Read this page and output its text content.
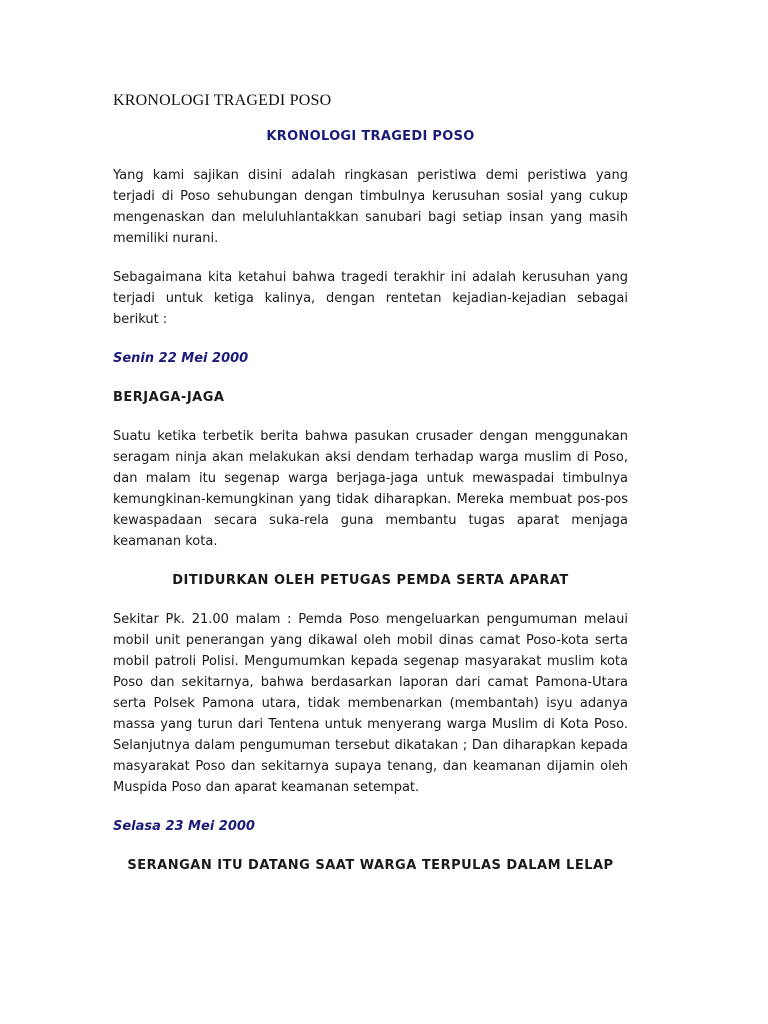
KRONOLOGI TRAGEDI POSO

KRONOLOGI TRAGEDI POSO

Yang kami sajikan disini adalah ringkasan peristiwa demi peristiwa yang terjadi di Poso sehubungan dengan timbulnya kerusuhan sosial yang cukup mengenaskan dan meluluhlantakkan sanubari bagi setiap insan yang masih memiliki nurani.

Sebagaimana kita ketahui bahwa tragedi terakhir ini adalah kerusuhan yang terjadi untuk ketiga kalinya, dengan rentetan kejadian-kejadian sebagai berikut :

Senin 22 Mei 2000

BERJAGA-JAGA

Suatu ketika terbetik berita bahwa pasukan crusader dengan menggunakan seragam ninja akan melakukan aksi dendam terhadap warga muslim di Poso, dan malam itu segenap warga berjaga-jaga untuk mewaspadai timbulnya kemungkinan-kemungkinan yang tidak diharapkan. Mereka membuat pos-pos kewaspadaan secara suka-rela guna membantu tugas aparat menjaga keamanan kota.

DITIDURKAN OLEH PETUGAS PEMDA SERTA APARAT

Sekitar Pk. 21.00 malam : Pemda Poso mengeluarkan pengumuman melaui mobil unit penerangan yang dikawal oleh mobil dinas camat Poso-kota serta mobil patroli Polisi. Mengumumkan kepada segenap masyarakat muslim kota Poso dan sekitarnya, bahwa berdasarkan laporan dari camat Pamona-Utara serta Polsek Pamona utara, tidak membenarkan (membantah) isyu adanya massa yang turun dari Tentena untuk menyerang warga Muslim di Kota Poso. Selanjutnya dalam pengumuman tersebut dikatakan ; Dan diharapkan kepada masyarakat Poso dan sekitarnya supaya tenang, dan keamanan dijamin oleh Muspida Poso dan aparat keamanan setempat.

Selasa 23 Mei 2000

SERANGAN ITU DATANG SAAT WARGA TERPULAS DALAM LELAP
